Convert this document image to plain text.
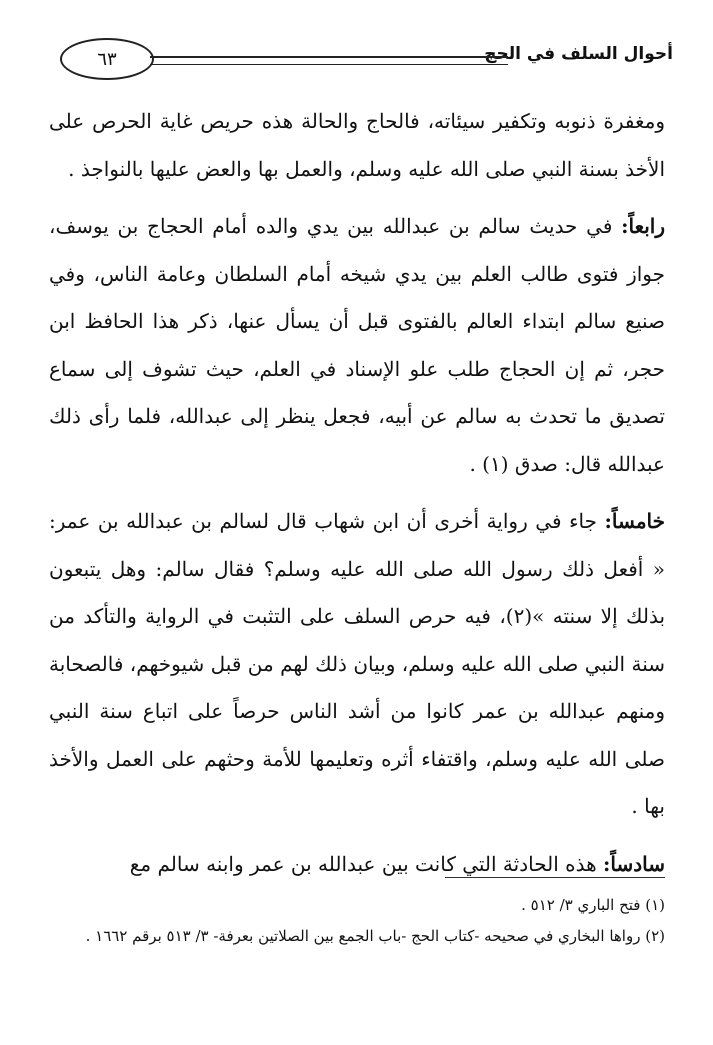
أحوال السلف في الحج
٦٣

ومغفرة ذنوبه وتكفير سيئاته، فالحاج والحالة هذه حريص غاية الحرص على الأخذ بسنة النبي صلى الله عليه وسلم، والعمل بها والعض عليها بالنواجذ .

رابعاً: في حديث سالم بن عبدالله بين يدي والده أمام الحجاج بن يوسف، جواز فتوى طالب العلم بين يدي شيخه أمام السلطان وعامة الناس، وفي صنيع سالم ابتداء العالم بالفتوى قبل أن يسأل عنها، ذكر هذا الحافظ ابن حجر، ثم إن الحجاج طلب علو الإسناد في العلم، حيث تشوف إلى سماع تصديق ما تحدث به سالم عن أبيه، فجعل ينظر إلى عبدالله، فلما رأى ذلك عبدالله قال: صدق (١) .

خامساً: جاء في رواية أخرى أن ابن شهاب قال لسالم بن عبدالله بن عمر: « أفعل ذلك رسول الله صلى الله عليه وسلم؟ فقال سالم: وهل يتبعون بذلك إلا سنته »(٢)، فيه حرص السلف على التثبت في الرواية والتأكد من سنة النبي صلى الله عليه وسلم، وبيان ذلك لهم من قبل شيوخهم، فالصحابة ومنهم عبدالله بن عمر كانوا من أشد الناس حرصاً على اتباع سنة النبي صلى الله عليه وسلم، واقتفاء أثره وتعليمها للأمة وحثهم على العمل والأخذ بها .

سادساً: هذه الحادثة التي كانت بين عبدالله بن عمر وابنه سالم مع

(١) فتح الباري ٣/ ٥١٢ .

(٢) رواها البخاري في صحيحه -كتاب الحج -باب الجمع بين الصلاتين بعرفة- ٣/ ٥١٣ برقم ١٦٦٢ .
